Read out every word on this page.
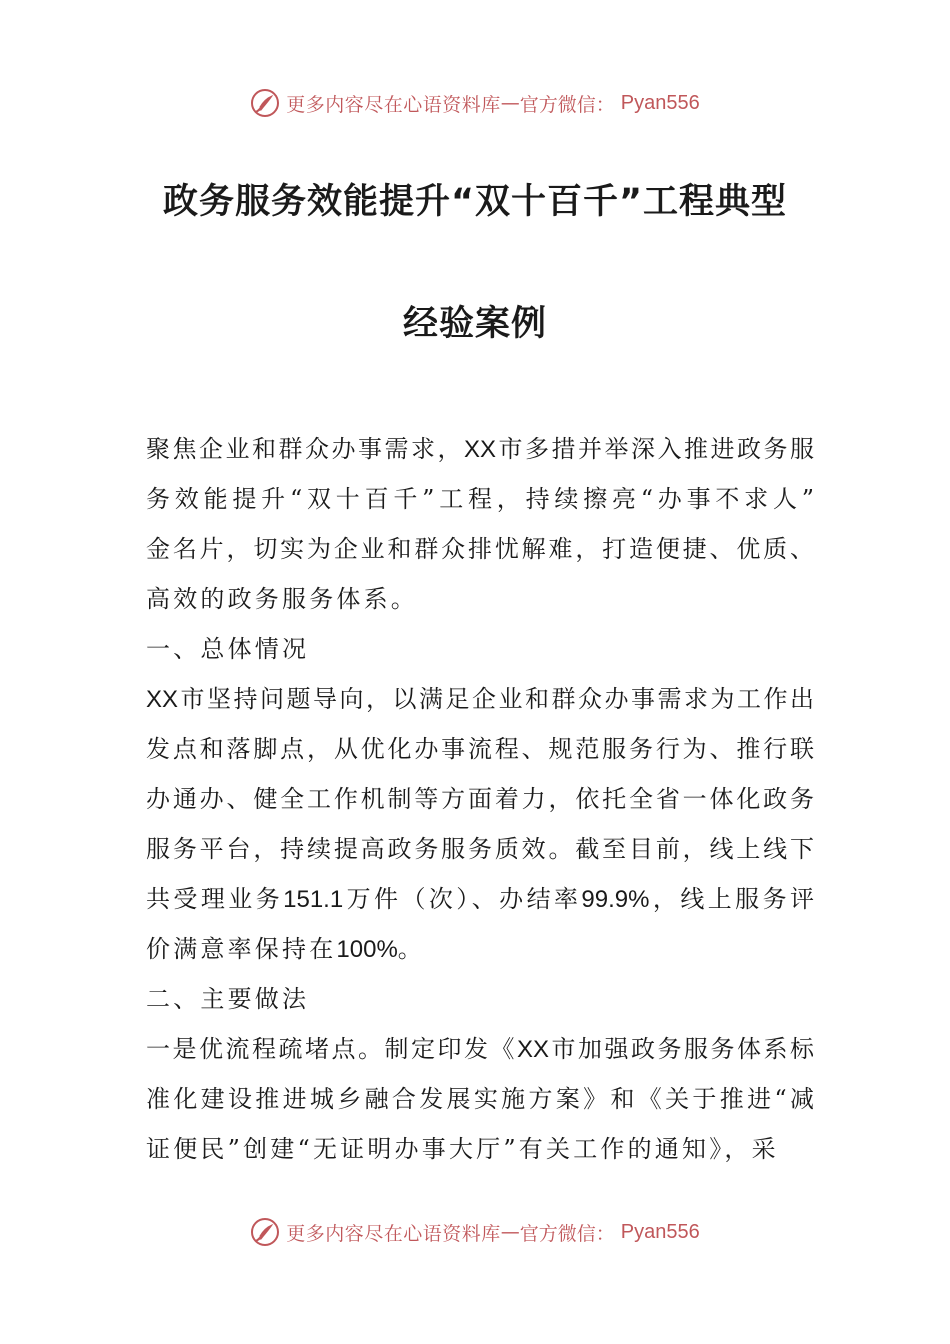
更多内容尽在心语资料库 — 官方微信： Pyan556
政务服务效能提升“双十百千”工程典型
经验案例
聚焦企业和群众办事需求，XX市多措并举深入推进政务服
务效能提升“双十百千”工程，持续擦亮“办事不求人”
金名片，切实为企业和群众排忧解难，打造便捷、优质、
高效的政务服务体系。
一、总体情况
XX市坚持问题导向，以满足企业和群众办事需求为工作出
发点和落脚点，从优化办事流程、规范服务行为、推行联
办通办、健全工作机制等方面着力，依托全省一体化政务
服务平台，持续提高政务服务质效。截至目前，线上线下
共受理业务151.1万件（次）、办结率99.9%，线上服务评
价满意率保持在100%。
二、主要做法
一是优流程疏堵点。制定印发《XX市加强政务服务体系标
准化建设推进城乡融合发展实施方案》和《关于推进“减
证便民”创建“无证明办事大厅”有关工作的通知》，采
更多内容尽在心语资料库 — 官方微信： Pyan556
